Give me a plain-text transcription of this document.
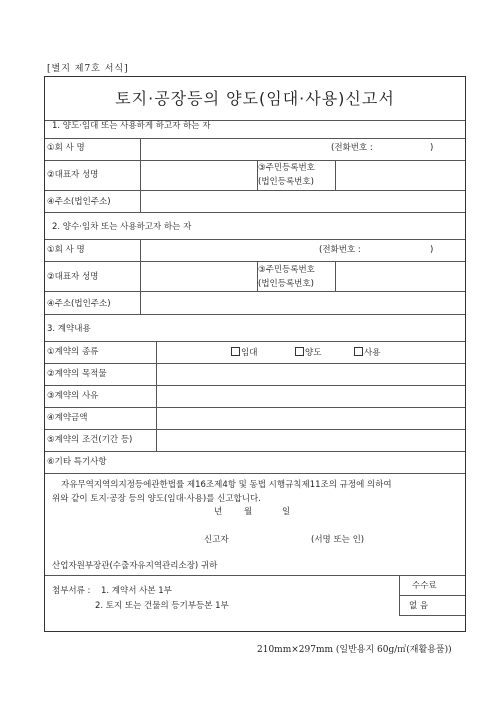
[별지 제7호 서식]
토지·공장등의 양도(임대·사용)신고서
1. 양도·임대 또는 사용하게 하고자 하는 자
①회 사 명	(전화번호 :	)
②대표자 성명
③주민등록번호
(법인등록번호)
④주소(법인주소)
2. 양수·임차 또는 사용하고자 하는 자
①회 사 명	(전화번호 :	)
②대표자 성명
③주민등록번호
(법인등록번호)
④주소(법인주소)
3. 계약내용
①계약의 종류	임대	양도	사용
②계약의 목적물
③계약의 사유
④계약금액
⑤계약의 조건(기간 등)
⑥기타 특기사항
자유무역지역의지정등에관한법률 제16조제4항 및 동법 시행규칙제11조의 규정에 의하여
위와 같이 토지·공장 등의 양도(임대·사용)를 신고합니다.
년	월	일
신고자	(서명 또는 인)
산업자원부장관(수출자유지역관리소장) 귀하
첨부서류 : 1. 계약서 사본 1부
2. 토지 또는 건물의 등기부등본 1부
수수료
없 음
210mm×297mm (일반용지 60g/㎡(재활용품))
